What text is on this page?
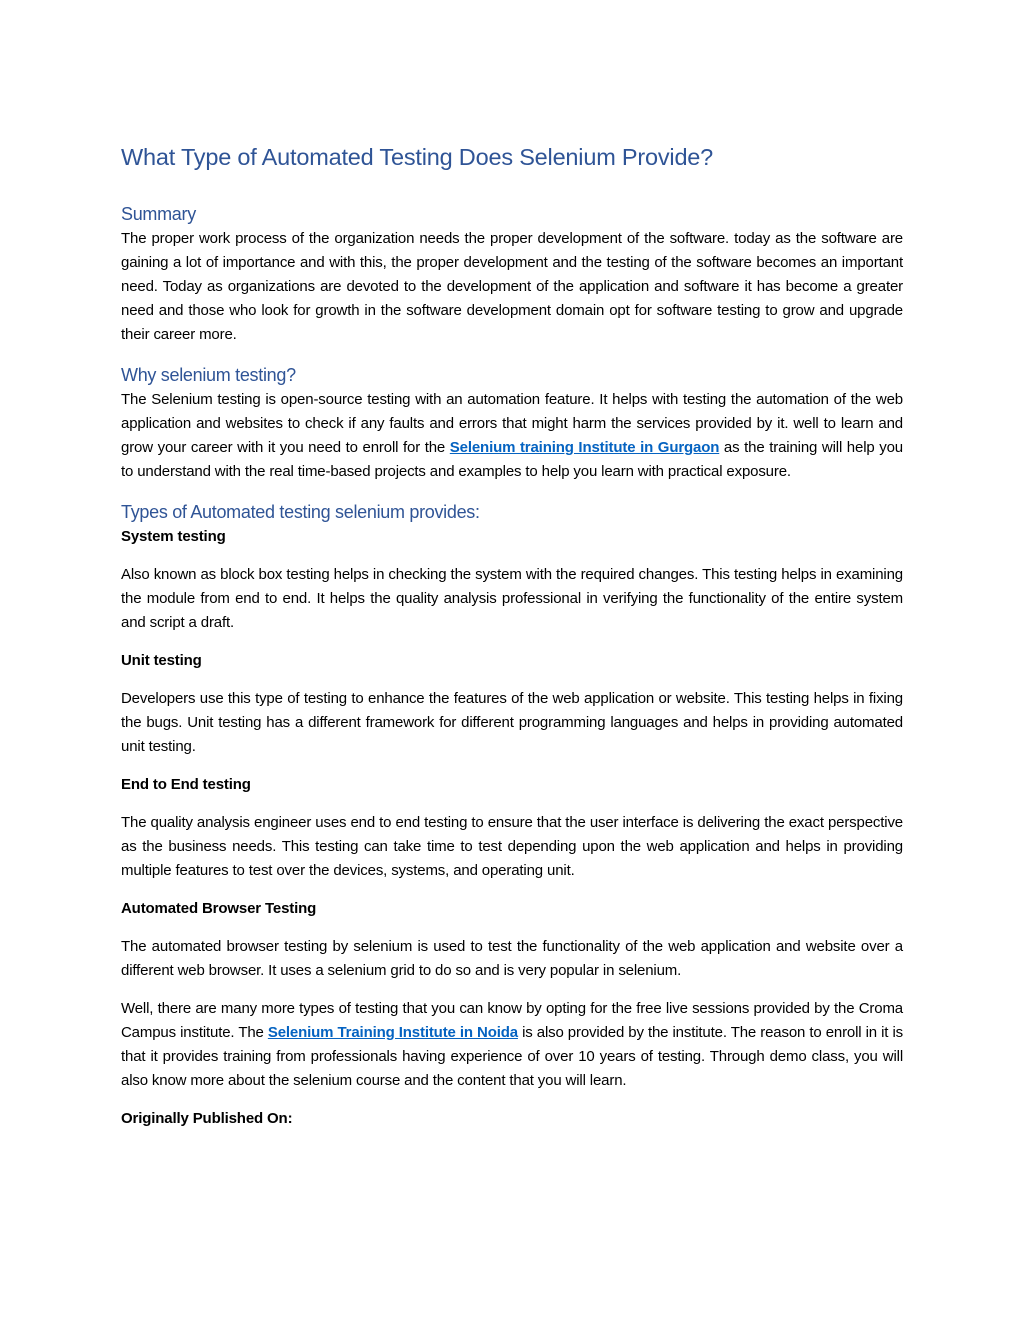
What Type of Automated Testing Does Selenium Provide?
Summary

The proper work process of the organization needs the proper development of the software. today as the software are gaining a lot of importance and with this, the proper development and the testing of the software becomes an important need. Today as organizations are devoted to the development of the application and software it has become a greater need and those who look for growth in the software development domain opt for software testing to grow and upgrade their career more.

Why selenium testing?

The Selenium testing is open-source testing with an automation feature. It helps with testing the automation of the web application and websites to check if any faults and errors that might harm the services provided by it. well to learn and grow your career with it you need to enroll for the Selenium training Institute in Gurgaon as the training will help you to understand with the real time-based projects and examples to help you learn with practical exposure.

Types of Automated testing selenium provides:

System testing

Also known as block box testing helps in checking the system with the required changes. This testing helps in examining the module from end to end. It helps the quality analysis professional in verifying the functionality of the entire system and script a draft.

Unit testing

Developers use this type of testing to enhance the features of the web application or website. This testing helps in fixing the bugs. Unit testing has a different framework for different programming languages and helps in providing automated unit testing.

End to End testing

The quality analysis engineer uses end to end testing to ensure that the user interface is delivering the exact perspective as the business needs. This testing can take time to test depending upon the web application and helps in providing multiple features to test over the devices, systems, and operating unit.

Automated Browser Testing

The automated browser testing by selenium is used to test the functionality of the web application and website over a different web browser. It uses a selenium grid to do so and is very popular in selenium.

Well, there are many more types of testing that you can know by opting for the free live sessions provided by the Croma Campus institute. The Selenium Training Institute in Noida is also provided by the institute. The reason to enroll in it is that it provides training from professionals having experience of over 10 years of testing. Through demo class, you will also know more about the selenium course and the content that you will learn.

Originally Published On:
